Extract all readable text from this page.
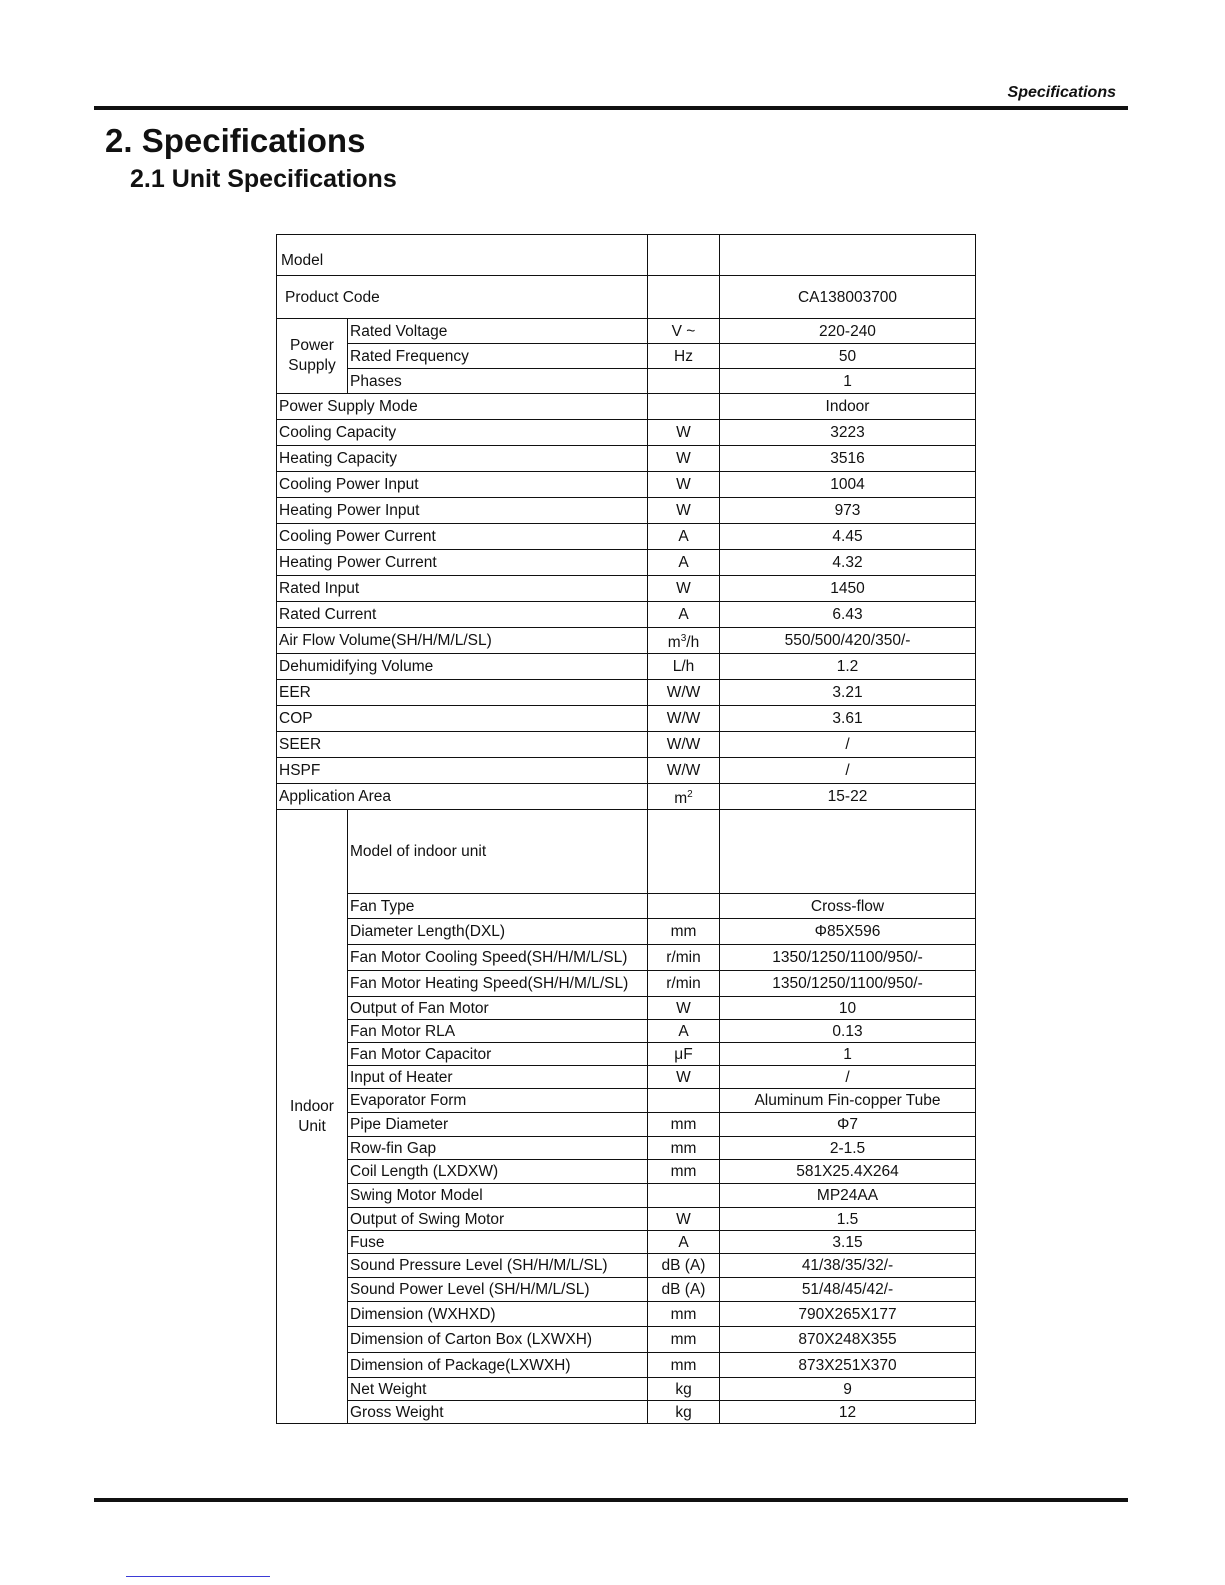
Specifications
2. Specifications
2.1 Unit Specifications
Model			
Product Code			CA138003700
Power
Supply	Rated Voltage	V ~	220-240
	Rated Frequency	Hz	50
	Phases		1
Power Supply Mode			Indoor
Cooling Capacity		W	3223
Heating Capacity		W	3516
Cooling Power Input		W	1004
Heating Power Input		W	973
Cooling Power Current		A	4.45
Heating Power Current		A	4.32
Rated Input		W	1450
Rated Current		A	6.43
Air Flow Volume(SH/H/M/L/SL)		$m^3/h$	550/500/420/350/-
Dehumidifying Volume		L/h	1.2
EER		W/W	3.21
COP		W/W	3.61
SEER		W/W	/
HSPF		W/W	/
Application Area		$m^2$	15-22
Indoor
Unit	Model of indoor unit		
	Fan Type		Cross-flow
	Diameter Length(DXL)	mm	Φ85X596
	Fan Motor Cooling Speed(SH/H/M/L/SL)	r/min	1350/1250/1100/950/-
	Fan Motor Heating Speed(SH/H/M/L/SL)	r/min	1350/1250/1100/950/-
	Output of Fan Motor	W	10
	Fan Motor RLA	A	0.13
	Fan Motor Capacitor	μF	1
	Input of Heater	W	/
	Evaporator Form		Aluminum Fin-copper Tube
	Pipe Diameter	mm	Φ7
	Row-fin Gap	mm	2-1.5
	Coil Length (LXDXW)	mm	581X25.4X264
	Swing Motor Model		MP24AA
	Output of Swing Motor	W	1.5
	Fuse	A	3.15
	Sound Pressure Level (SH/H/M/L/SL)	dB (A)	41/38/35/32/-
	Sound Power Level (SH/H/M/L/SL)	dB (A)	51/48/45/42/-
	Dimension (WXHXD)	mm	790X265X177
	Dimension of Carton Box (LXWXH)	mm	870X248X355
	Dimension of Package(LXWXH)	mm	873X251X370
	Net Weight	kg	9
	Gross Weight	kg	12
